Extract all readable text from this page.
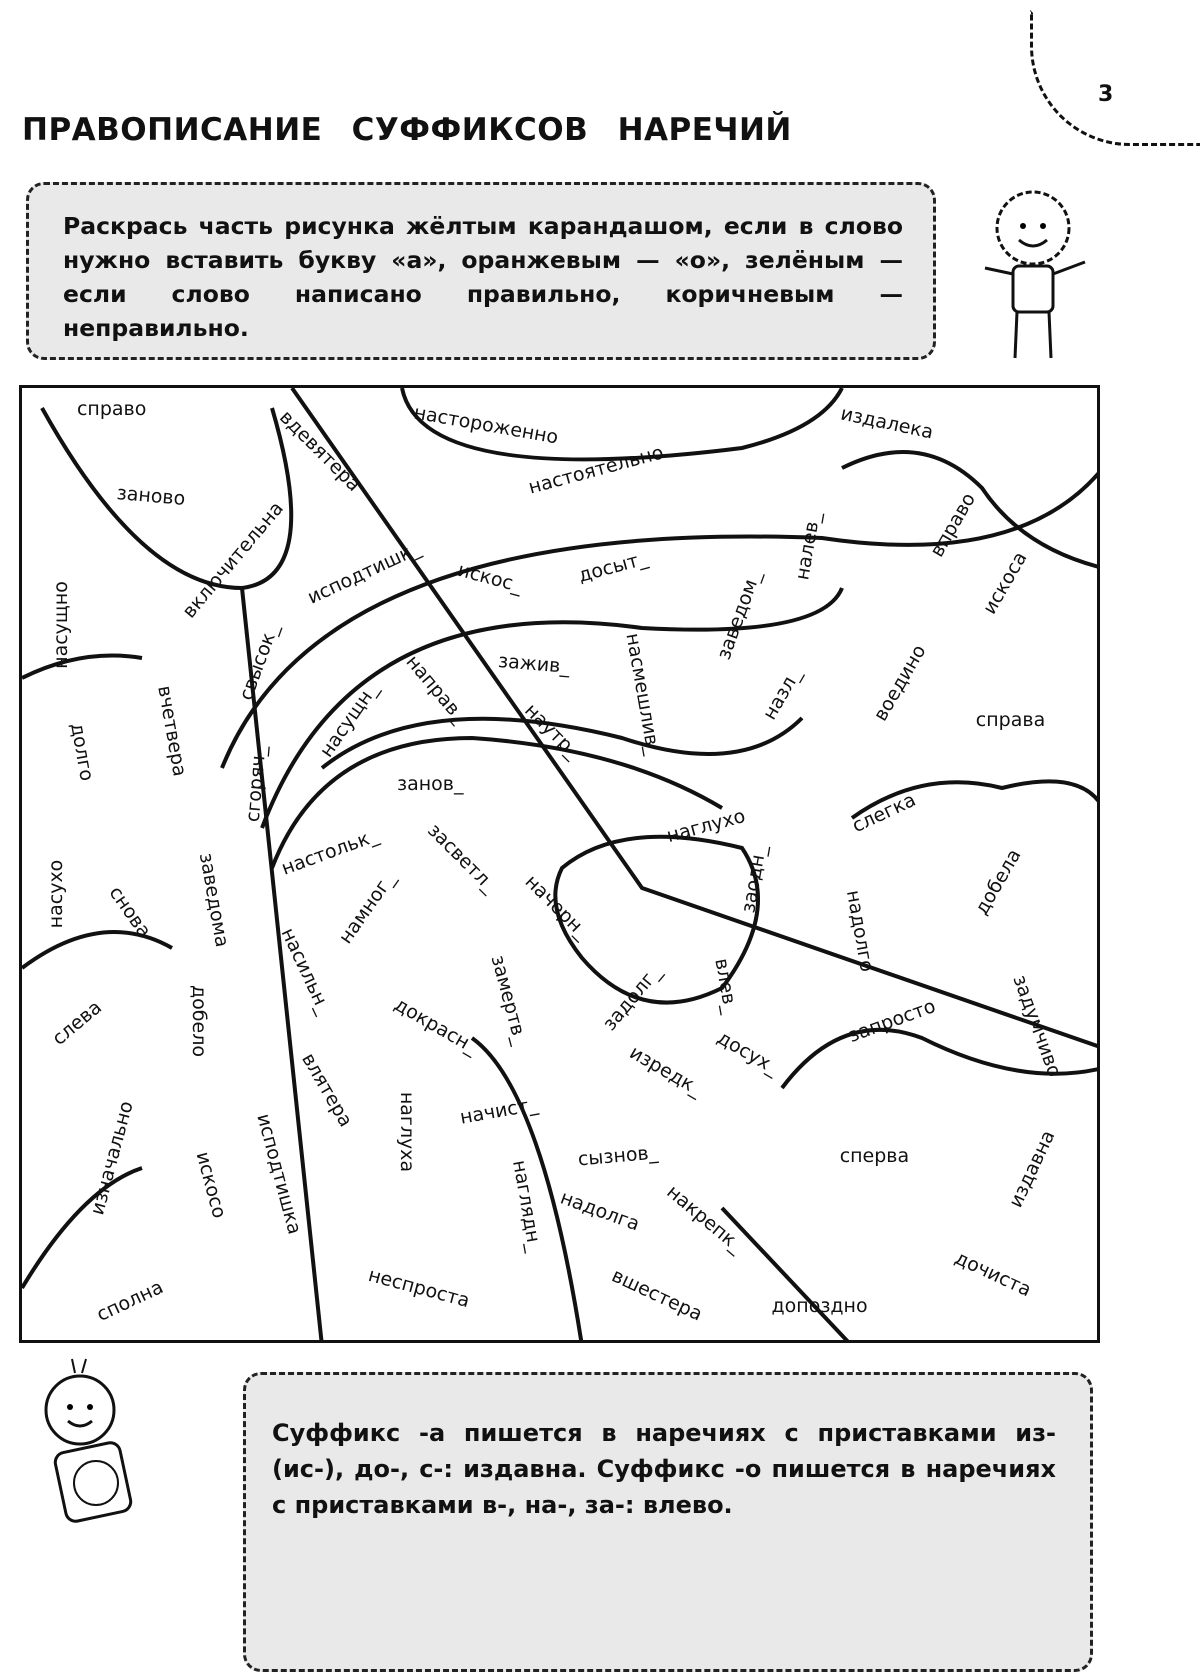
3
ПРАВОПИСАНИЕ СУФФИКСОВ НАРЕЧИЙ
Раскрась часть рисунка жёлтым карандашом, если в слово нужно вставить букву «а», оранжевым — «о», зелёным — если слово написано правильно, коричневым — неправильно.
справо
заново	вдевятера	настороженно
настоятельно
издалека
включительна исподтишк_ искос_	досыт_	налев_
заведом_
вправо
искоса
насущно	свысок_	направ_ зажив_	насмешлив_	назл_	воедино справа
вчетвера
долго	насущн_	наутр_
сгоряч_	занов_
слегка
наглухо
насухо
настольк_ засветл_
заведома
снова	добела
заодн_
начерн_
намног_	надолго
насильн_	замертв_	задолг_ влев_
добело
слева	задумчиво
запросто
докрасн_	досух_
изредк_
влятера
наглуха начист_
изначально	исподтишка
искосо	сперва	издавна
сызнов_
наглядн_ надолга накрепк_
сполна	неспроста	вшестера	допоздно
дочиста
Суффикс -а пишется в наречиях с приставками из- (ис-), до-, с-: издавна. Суффикс -о пишется в наречиях с приставками в-, на-, за-: влево.
